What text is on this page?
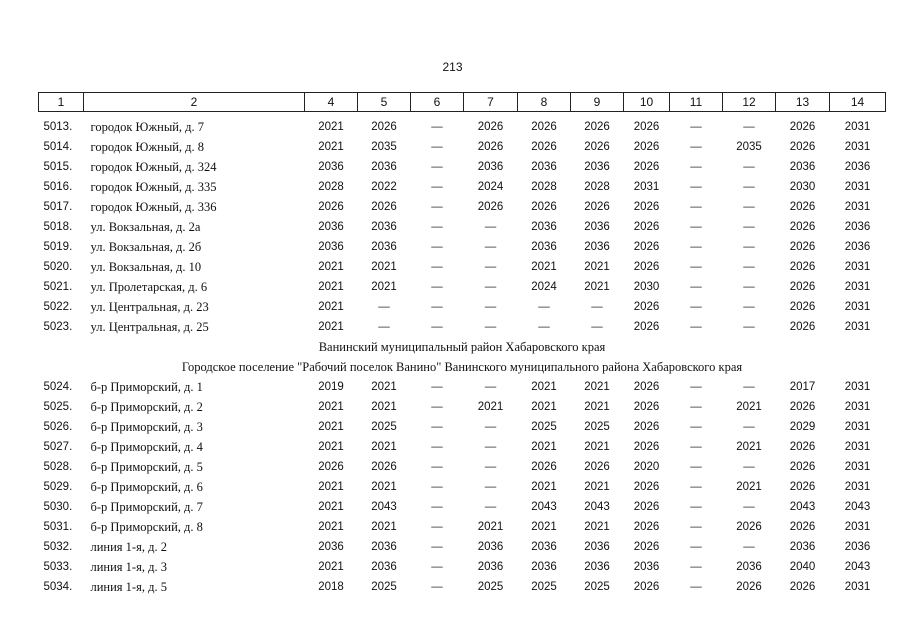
213
1	2	4	5	6	7	8	9	10	11	12	13	14

5013.	городок Южный, д. 7	2021	2026	—	2026	2026	2026	2026	—	—	2026	2031
5014.	городок Южный, д. 8	2021	2035	—	2026	2026	2026	2026	—	2035	2026	2031
5015.	городок Южный, д. 324	2036	2036	—	2036	2036	2036	2026	—	—	2036	2036
5016.	городок Южный, д. 335	2028	2022	—	2024	2028	2028	2031	—	—	2030	2031
5017.	городок Южный, д. 336	2026	2026	—	2026	2026	2026	2026	—	—	2026	2031
5018.	ул. Вокзальная, д. 2а	2036	2036	—	—	2036	2036	2026	—	—	2026	2036
5019.	ул. Вокзальная, д. 2б	2036	2036	—	—	2036	2036	2026	—	—	2026	2036
5020.	ул. Вокзальная, д. 10	2021	2021	—	—	2021	2021	2026	—	—	2026	2031
5021.	ул. Пролетарская, д. 6	2021	2021	—	—	2024	2021	2030	—	—	2026	2031
5022.	ул. Центральная, д. 23	2021	—	—	—	—	—	2026	—	—	2026	2031
5023.	ул. Центральная, д. 25	2021	—	—	—	—	—	2026	—	—	2026	2031
Ванинский муниципальный район Хабаровского края												
Городское поселение "Рабочий поселок Ванино" Ванинского муниципального района Хабаровского края												
5024.	б-р Приморский, д. 1	2019	2021	—	—	2021	2021	2026	—	—	2017	2031
5025.	б-р Приморский, д. 2	2021	2021	—	2021	2021	2021	2026	—	2021	2026	2031
5026.	б-р Приморский, д. 3	2021	2025	—	—	2025	2025	2026	—	—	2029	2031
5027.	б-р Приморский, д. 4	2021	2021	—	—	2021	2021	2026	—	2021	2026	2031
5028.	б-р Приморский, д. 5	2026	2026	—	—	2026	2026	2020	—	—	2026	2031
5029.	б-р Приморский, д. 6	2021	2021	—	—	2021	2021	2026	—	2021	2026	2031
5030.	б-р Приморский, д. 7	2021	2043	—	—	2043	2043	2026	—	—	2043	2043
5031.	б-р Приморский, д. 8	2021	2021	—	2021	2021	2021	2026	—	2026	2026	2031
5032.	линия 1-я, д. 2	2036	2036	—	2036	2036	2036	2026	—	—	2036	2036
5033.	линия 1-я, д. 3	2021	2036	—	2036	2036	2036	2036	—	2036	2040	2043
5034.	линия 1-я, д. 5	2018	2025	—	2025	2025	2025	2026	—	2026	2026	2031
